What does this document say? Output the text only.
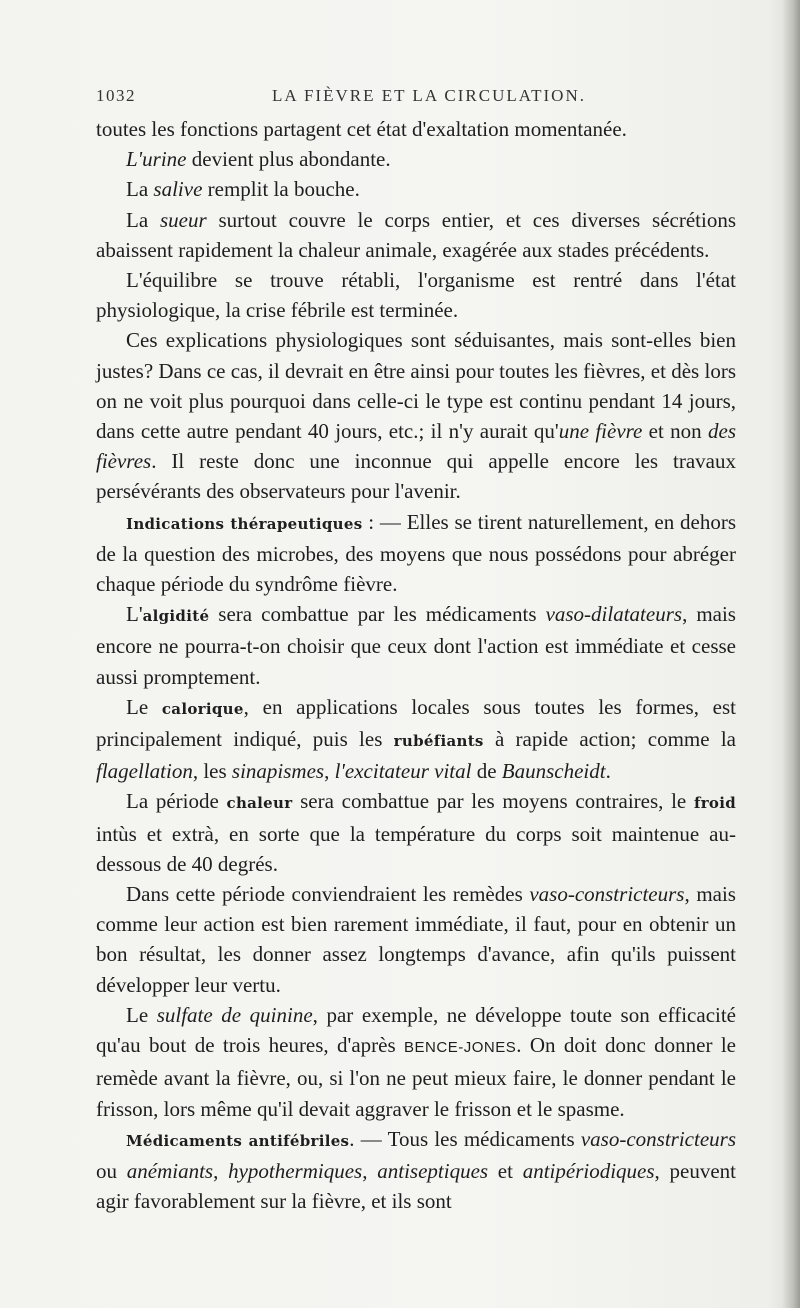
1032	LA FIÈVRE ET LA CIRCULATION.

toutes les fonctions partagent cet état d'exaltation momentanée.

L'urine devient plus abondante.

La salive remplit la bouche.

La sueur surtout couvre le corps entier, et ces diverses sécrétions abaissent rapidement la chaleur animale, exagérée aux stades précédents.

L'équilibre se trouve rétabli, l'organisme est rentré dans l'état physiologique, la crise fébrile est terminée.

Ces explications physiologiques sont séduisantes, mais sont-elles bien justes? Dans ce cas, il devrait en être ainsi pour toutes les fièvres, et dès lors on ne voit plus pourquoi dans celle-ci le type est continu pendant 14 jours, dans cette autre pendant 40 jours, etc.; il n'y aurait qu'une fièvre et non des fièvres. Il reste donc une inconnue qui appelle encore les travaux persévérants des observateurs pour l'avenir.

Indications thérapeutiques : — Elles se tirent naturellement, en dehors de la question des microbes, des moyens que nous possédons pour abréger chaque période du syndrôme fièvre.

L'algidité sera combattue par les médicaments vaso-dilatateurs, mais encore ne pourra-t-on choisir que ceux dont l'action est immédiate et cesse aussi promptement.

Le calorique, en applications locales sous toutes les formes, est principalement indiqué, puis les rubéfiants à rapide action; comme la flagellation, les sinapismes, l'excitateur vital de Baunscheidt.

La période chaleur sera combattue par les moyens contraires, le froid intùs et extrà, en sorte que la température du corps soit maintenue au-dessous de 40 degrés.

Dans cette période conviendraient les remèdes vaso-constricteurs, mais comme leur action est bien rarement immédiate, il faut, pour en obtenir un bon résultat, les donner assez longtemps d'avance, afin qu'ils puissent développer leur vertu.

Le sulfate de quinine, par exemple, ne développe toute son efficacité qu'au bout de trois heures, d'après BENCE-JONES. On doit donc donner le remède avant la fièvre, ou, si l'on ne peut mieux faire, le donner pendant le frisson, lors même qu'il devait aggraver le frisson et le spasme.

Médicaments antifébriles. — Tous les médicaments vaso-constricteurs ou anémiants, hypothermiques, antiseptiques et antipériodiques, peuvent agir favorablement sur la fièvre, et ils sont
